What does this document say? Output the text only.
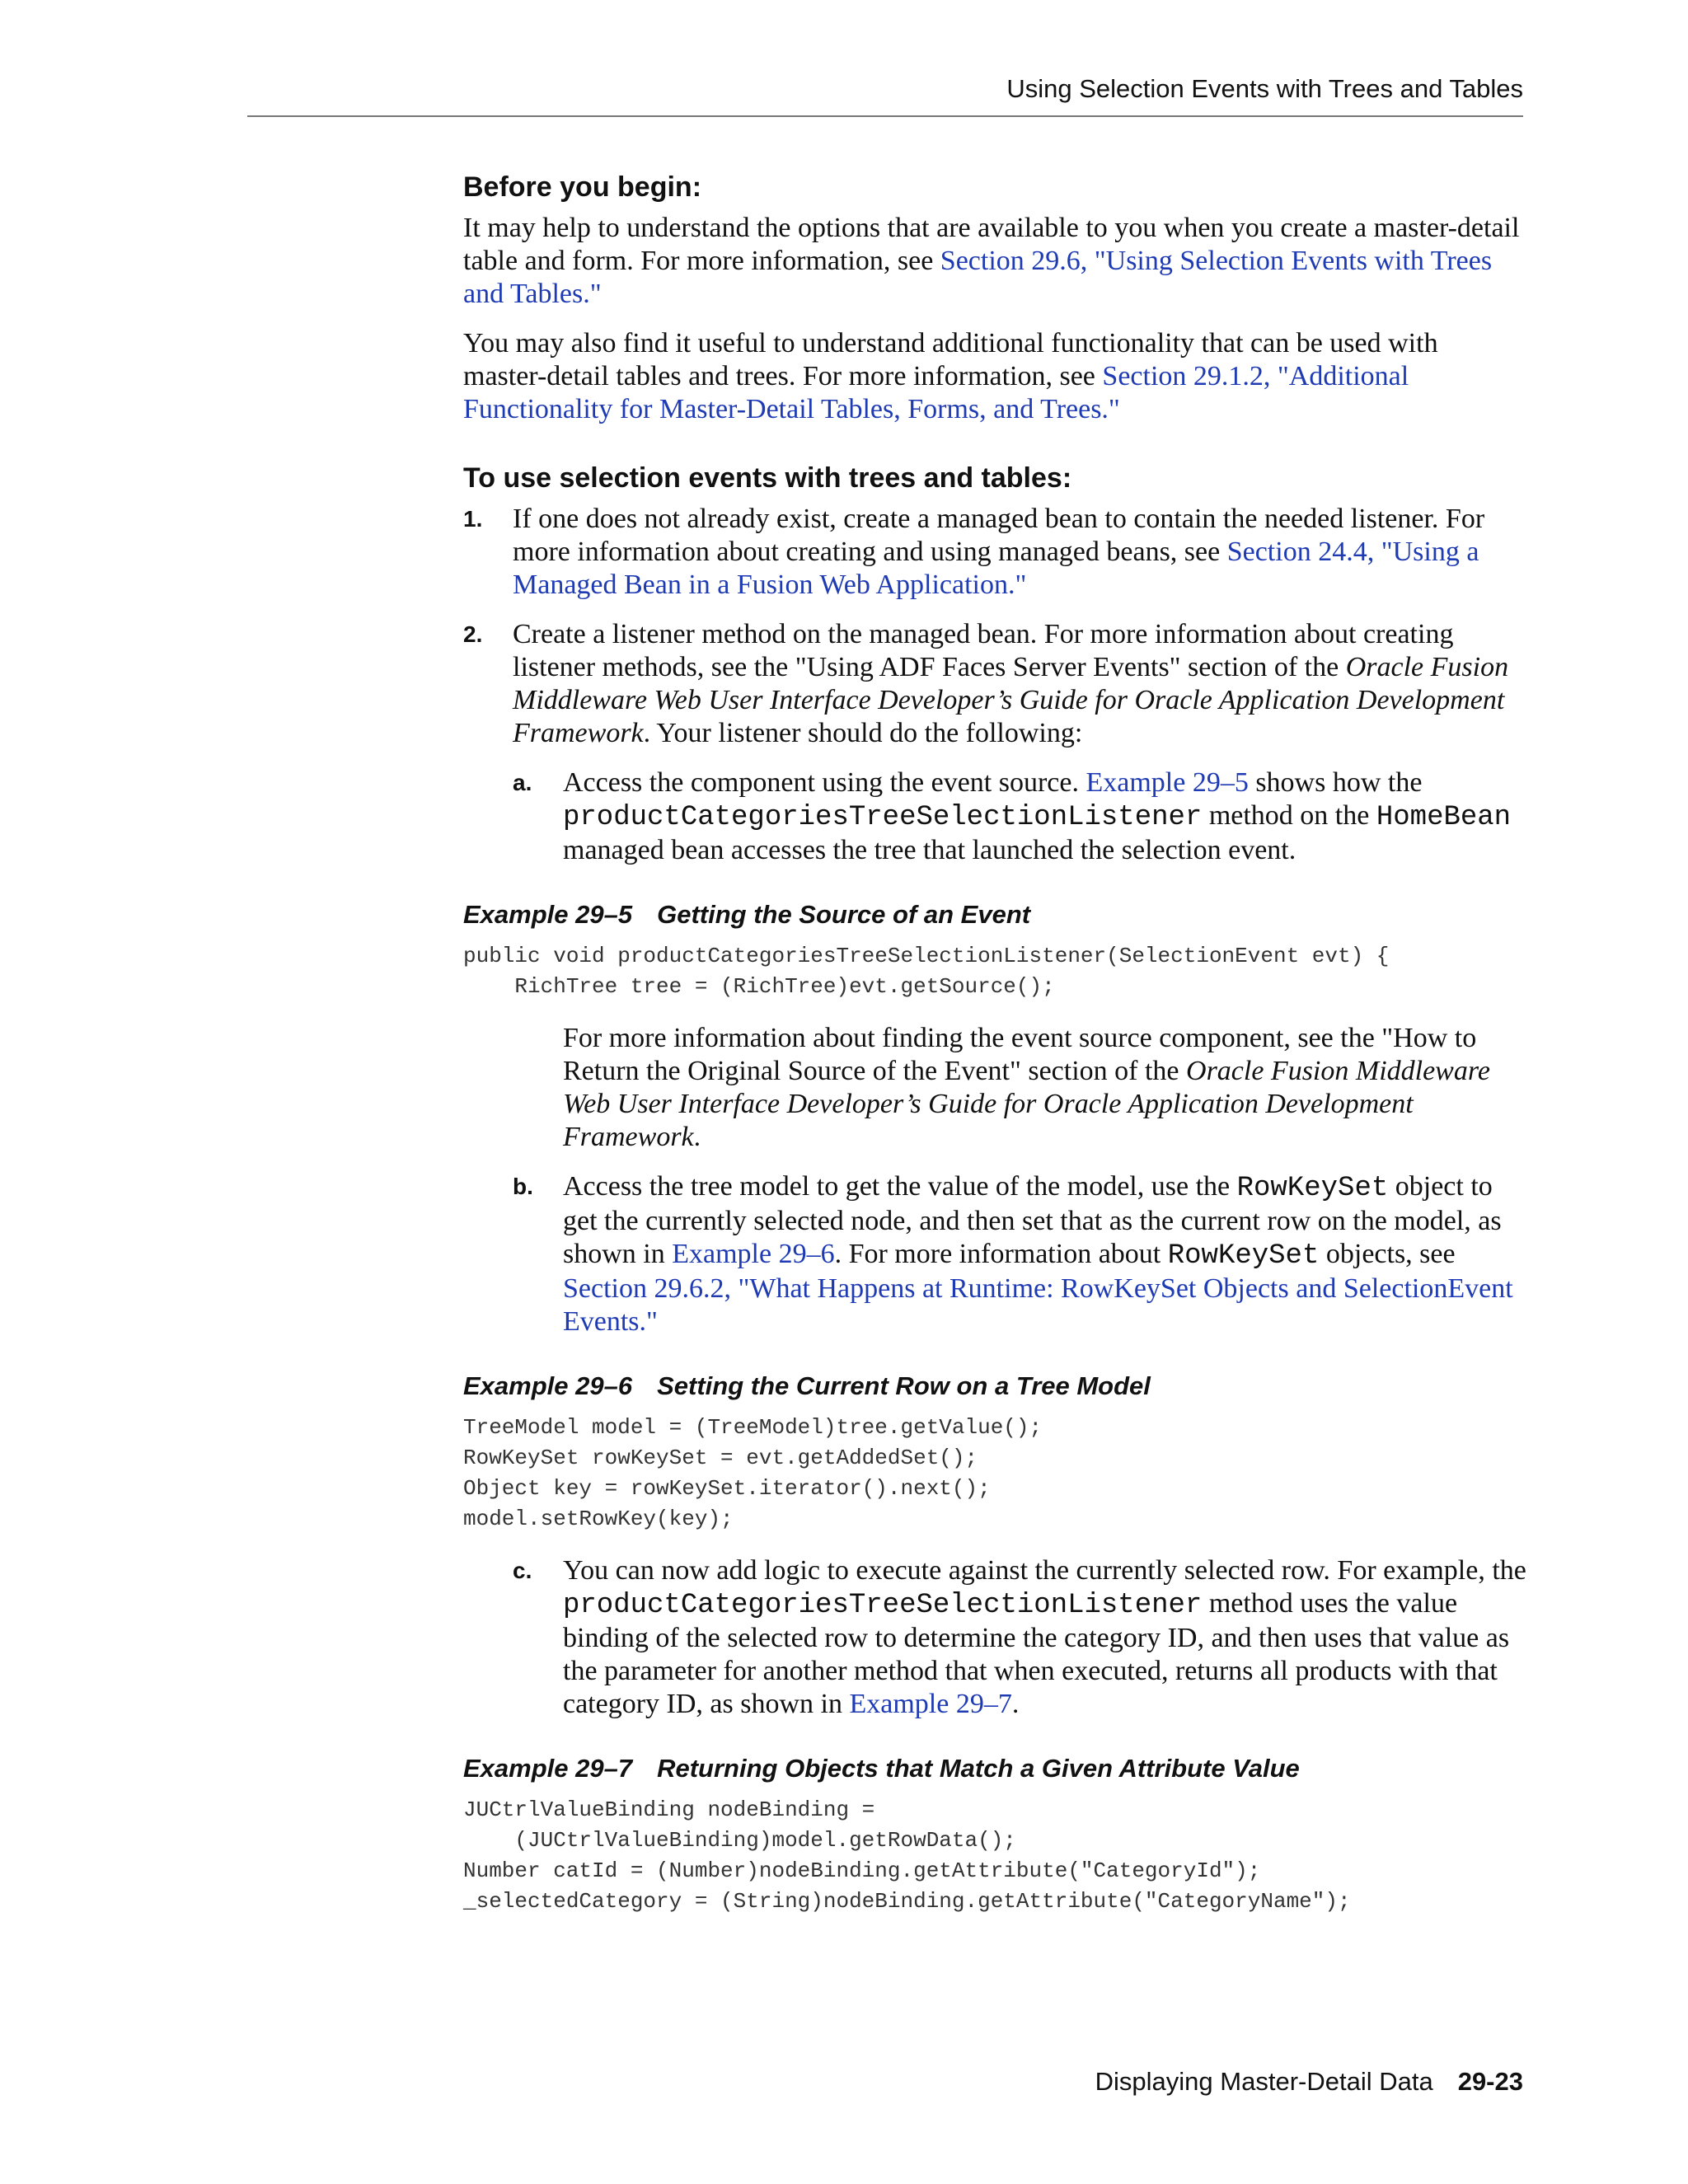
Using Selection Events with Trees and Tables
Before you begin:

It may help to understand the options that are available to you when you create a master-detail table and form. For more information, see Section 29.6, "Using Selection Events with Trees and Tables."

You may also find it useful to understand additional functionality that can be used with master-detail tables and trees. For more information, see Section 29.1.2, "Additional Functionality for Master-Detail Tables, Forms, and Trees."

To use selection events with trees and tables:
1. If one does not already exist, create a managed bean to contain the needed listener. For more information about creating and using managed beans, see Section 24.4, "Using a Managed Bean in a Fusion Web Application."
2. Create a listener method on the managed bean. For more information about creating listener methods, see the "Using ADF Faces Server Events" section of the Oracle Fusion Middleware Web User Interface Developer’s Guide for Oracle Application Development Framework. Your listener should do the following:
a. Access the component using the event source. Example 29–5 shows how the productCategoriesTreeSelectionListener method on the HomeBean managed bean accesses the tree that launched the selection event.
Example 29–5 Getting the Source of an Event
public void productCategoriesTreeSelectionListener(SelectionEvent evt) {
RichTree tree = (RichTree)evt.getSource();

For more information about finding the event source component, see the "How to Return the Original Source of the Event" section of the Oracle Fusion Middleware Web User Interface Developer’s Guide for Oracle Application Development Framework.

b. Access the tree model to get the value of the model, use the RowKeySet object to get the currently selected node, and then set that as the current row on the model, as shown in Example 29–6. For more information about RowKeySet objects, see Section 29.6.2, "What Happens at Runtime: RowKeySet Objects and SelectionEvent Events."
Example 29–6 Setting the Current Row on a Tree Model
TreeModel model = (TreeModel)tree.getValue();
RowKeySet rowKeySet = evt.getAddedSet();
Object key = rowKeySet.iterator().next();
model.setRowKey(key);
c. You can now add logic to execute against the currently selected row. For example, the productCategoriesTreeSelectionListener method uses the value binding of the selected row to determine the category ID, and then uses that value as the parameter for another method that when executed, returns all products with that category ID, as shown in Example 29–7.
Example 29–7 Returning Objects that Match a Given Attribute Value
JUCtrlValueBinding nodeBinding =
(JUCtrlValueBinding)model.getRowData();
Number catId = (Number)nodeBinding.getAttribute("CategoryId");
_selectedCategory = (String)nodeBinding.getAttribute("CategoryName");
Displaying Master-Detail Data 29-23
